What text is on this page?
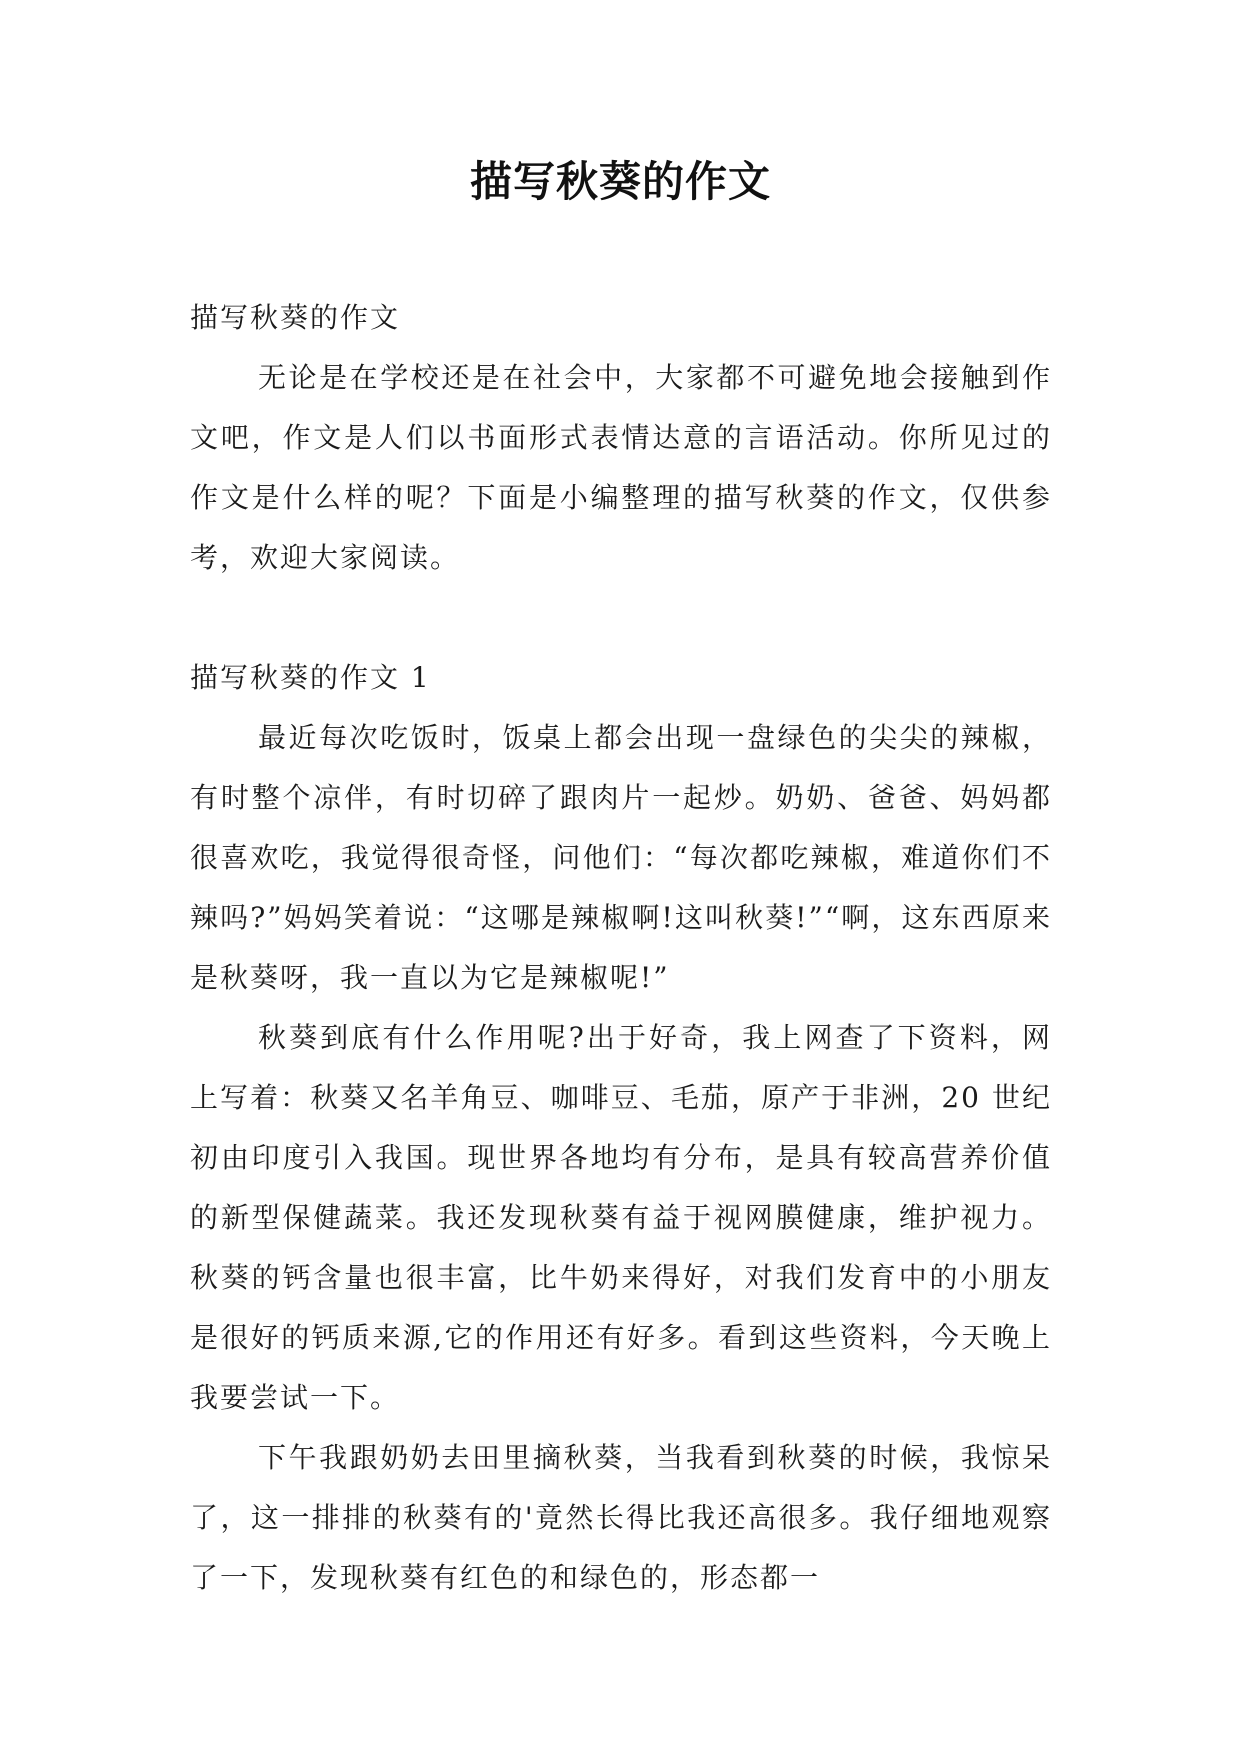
描写秋葵的作文

描写秋葵的作文

无论是在学校还是在社会中，大家都不可避免地会接触到作文吧，作文是人们以书面形式表情达意的言语活动。你所见过的作文是什么样的呢？下面是小编整理的描写秋葵的作文，仅供参考，欢迎大家阅读。

描写秋葵的作文 1

最近每次吃饭时，饭桌上都会出现一盘绿色的尖尖的辣椒，有时整个凉伴，有时切碎了跟肉片一起炒。奶奶、爸爸、妈妈都很喜欢吃，我觉得很奇怪，问他们：“每次都吃辣椒，难道你们不辣吗?”妈妈笑着说：“这哪是辣椒啊!这叫秋葵!”“啊，这东西原来是秋葵呀，我一直以为它是辣椒呢!”

秋葵到底有什么作用呢?出于好奇，我上网查了下资料，网上写着：秋葵又名羊角豆、咖啡豆、毛茄，原产于非洲，20 世纪初由印度引入我国。现世界各地均有分布，是具有较高营养价值的新型保健蔬菜。我还发现秋葵有益于视网膜健康，维护视力。秋葵的钙含量也很丰富，比牛奶来得好，对我们发育中的小朋友是很好的钙质来源,它的作用还有好多。看到这些资料，今天晚上我要尝试一下。

下午我跟奶奶去田里摘秋葵，当我看到秋葵的时候，我惊呆了，这一排排的秋葵有的'竟然长得比我还高很多。我仔细地观察了一下，发现秋葵有红色的和绿色的，形态都一
